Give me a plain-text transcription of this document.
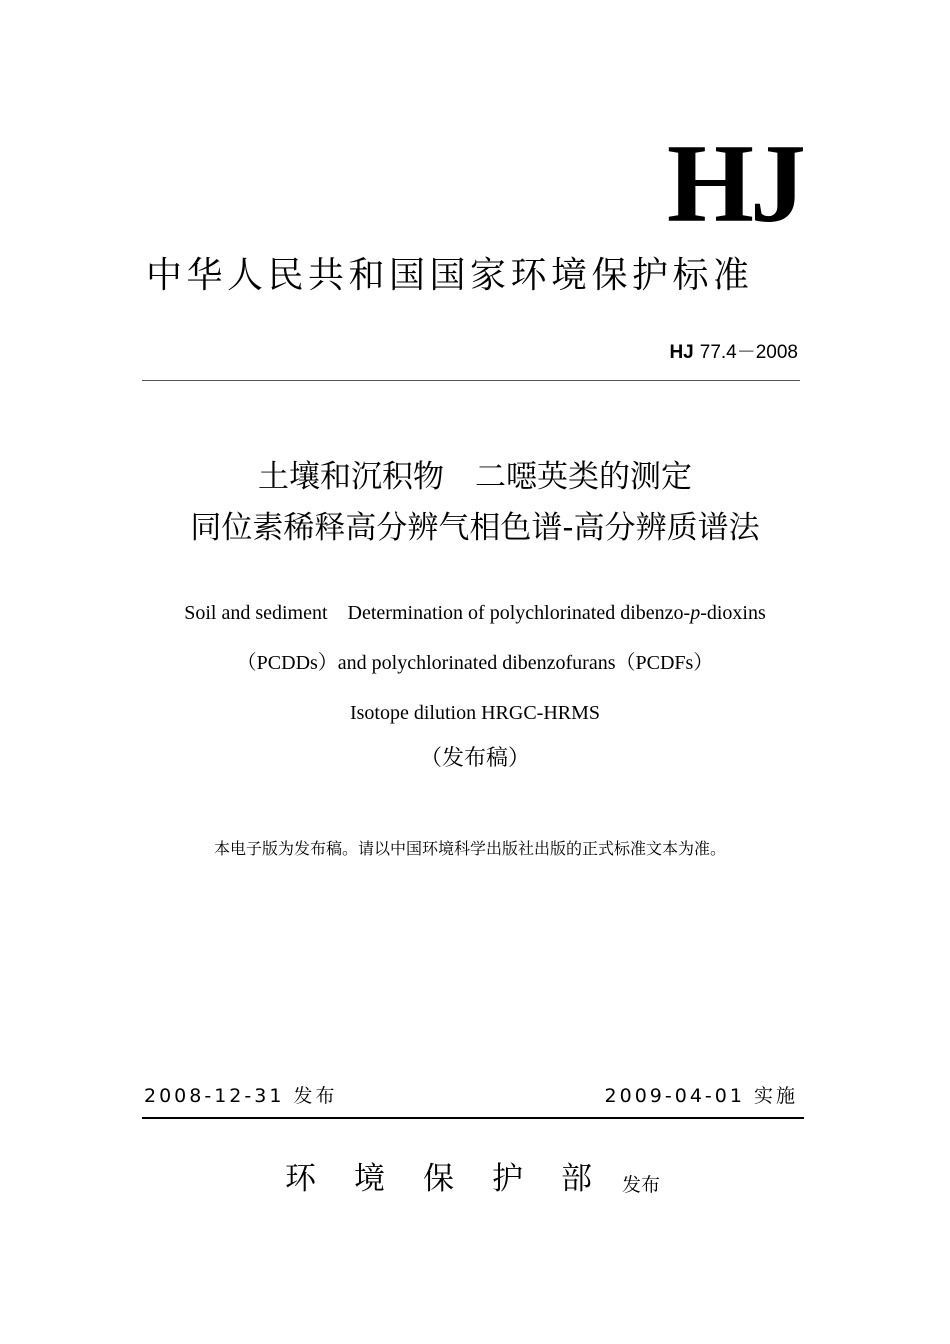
HJ
中华人民共和国国家环境保护标准
HJ 77.4－2008
土壤和沉积物　二噁英类的测定
同位素稀释高分辨气相色谱-高分辨质谱法
Soil and sediment　Determination of polychlorinated dibenzo-p-dioxins
（PCDDs）and polychlorinated dibenzofurans（PCDFs）
Isotope dilution HRGC-HRMS
（发布稿）
本电子版为发布稿。请以中国环境科学出版社出版的正式标准文本为准。
2008-12-31 发布	2009-04-01 实施
环境保护部
发布
